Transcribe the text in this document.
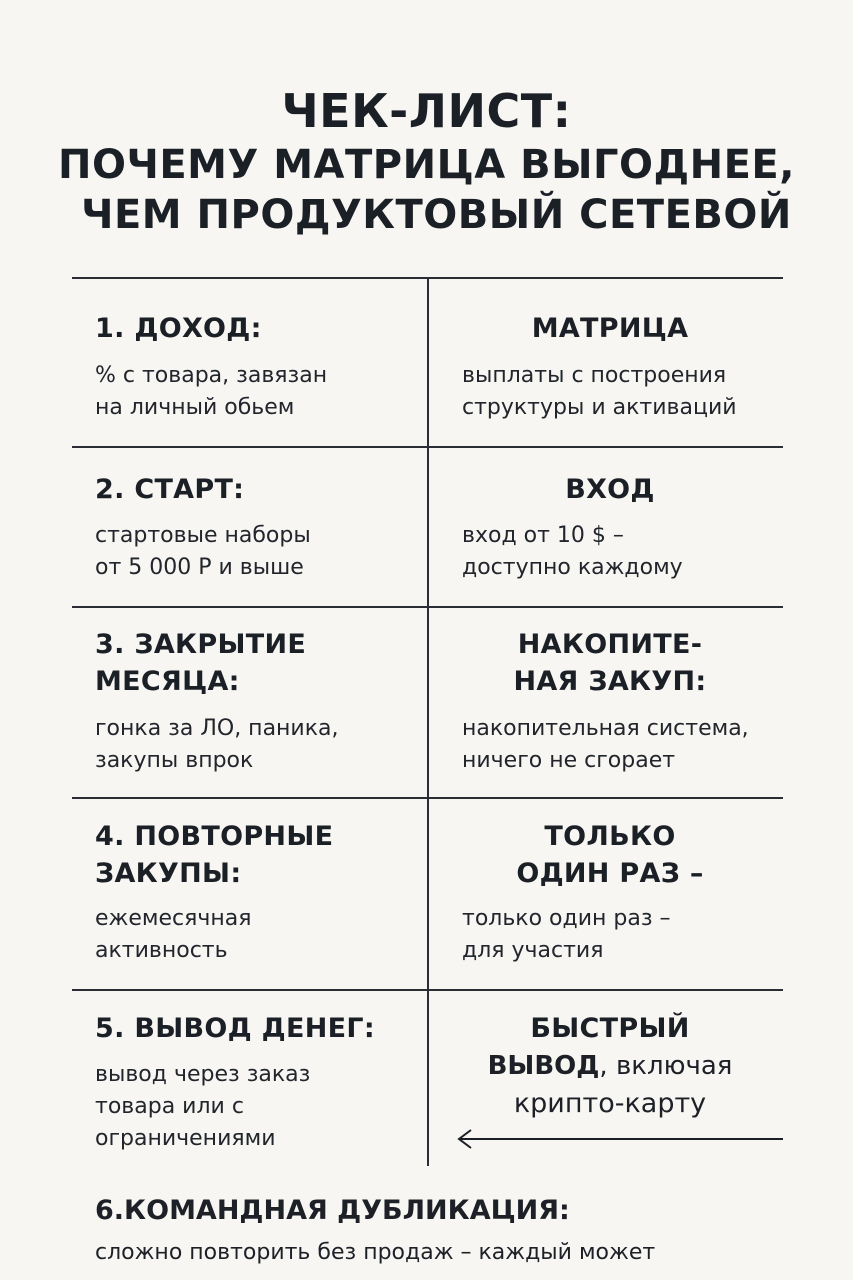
ЧЕК-ЛИСТ:
ПОЧЕМУ МАТРИЦА ВЫГОДНЕЕ,
ЧЕМ ПРОДУКТОВЫЙ СЕТЕВОЙ
1. ДОХОД:
% с товара, завязан
на личный обьем
МАТРИЦА
выплаты с построения
структуры и активаций
2. СТАРТ:
стартовые наборы
от 5 000 Р и выше
ВХОД
вход от 10 $ –
доступно каждому
3. ЗАКРЫТИЕ
МЕСЯЦА:
гонка за ЛО, паника,
закупы впрок
НАКОПИТЕ-
НАЯ ЗАКУП:
накопительная система,
ничего не сгорает
4. ПОВТОРНЫЕ
ЗАКУПЫ:
ежемесячная
активность
ТОЛЬКО
ОДИН РАЗ –
только один раз –
для участия
5. ВЫВОД ДЕНЕГ:
вывод через заказ
товара или с
ограничениями
БЫСТРЫЙ
ВЫВОД, включая
крипто-карту
6.КОМАНДНАЯ ДУБЛИКАЦИЯ:
сложно повторить без продаж – каждый может
